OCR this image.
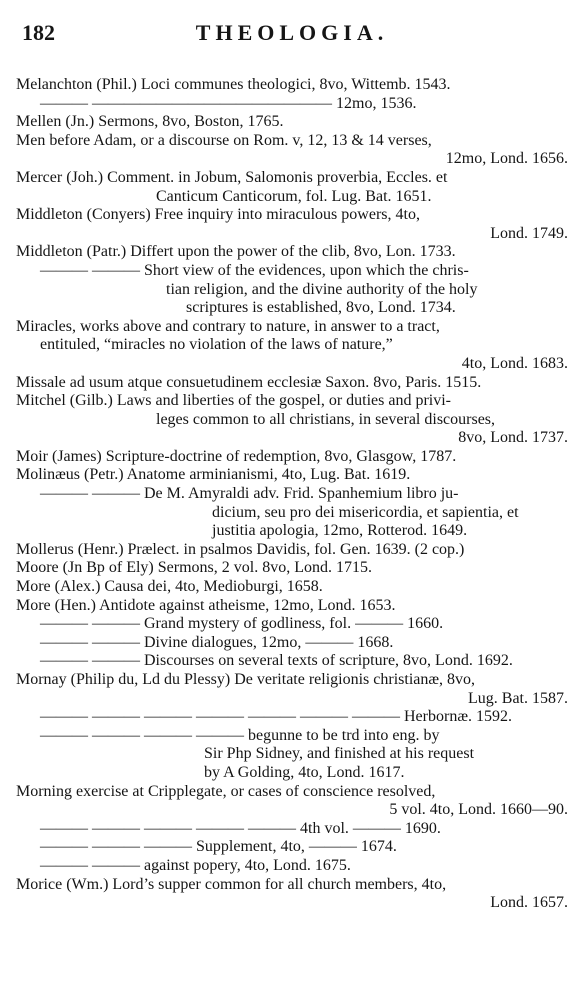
182	THEOLOGIA.
Melanchton (Phil.) Loci communes theologici, 8vo, Wittemb. 1543.
——— ——————————————— 12mo, 1536.
Mellen (Jn.) Sermons, 8vo, Boston, 1765.
Men before Adam, or a discourse on Rom. v, 12, 13 & 14 verses,
12mo, Lond. 1656.
Mercer (Joh.) Comment. in Jobum, Salomonis proverbia, Eccles. et
Canticum Canticorum, fol. Lug. Bat. 1651.
Middleton (Conyers) Free inquiry into miraculous powers, 4to,
Lond. 1749.
Middleton (Patr.) Differt upon the power of the clib, 8vo, Lon. 1733.
——— ——— Short view of the evidences, upon which the chris-
tian religion, and the divine authority of the holy
scriptures is established, 8vo, Lond. 1734.
Miracles, works above and contrary to nature, in answer to a tract,
entituled, “miracles no violation of the laws of nature,”
4to, Lond. 1683.
Missale ad usum atque consuetudinem ecclesiæ Saxon. 8vo, Paris. 1515.
Mitchel (Gilb.) Laws and liberties of the gospel, or duties and privi-
leges common to all christians, in several discourses,
8vo, Lond. 1737.
Moir (James) Scripture-doctrine of redemption, 8vo, Glasgow, 1787.
Molinæus (Petr.) Anatome arminianismi, 4to, Lug. Bat. 1619.
——— ——— De M. Amyraldi adv. Frid. Spanhemium libro ju-
dicium, seu pro dei misericordia, et sapientia, et
justitia apologia, 12mo, Rotterod. 1649.
Mollerus (Henr.) Prælect. in psalmos Davidis, fol. Gen. 1639. (2 cop.)
Moore (Jn Bp of Ely) Sermons, 2 vol. 8vo, Lond. 1715.
More (Alex.) Causa dei, 4to, Medioburgi, 1658.
More (Hen.) Antidote against atheisme, 12mo, Lond. 1653.
——— ——— Grand mystery of godliness, fol. ——— 1660.
——— ——— Divine dialogues, 12mo, ——— 1668.
——— ——— Discourses on several texts of scripture, 8vo, Lond. 1692.
Mornay (Philip du, Ld du Plessy) De veritate religionis christianæ, 8vo,
Lug. Bat. 1587.
——— ——— ——— ——— ——— ——— ——— Herbornæ. 1592.
——— ——— ——— ——— begunne to be trd into eng. by
Sir Php Sidney, and finished at his request
by A Golding, 4to, Lond. 1617.
Morning exercise at Cripplegate, or cases of conscience resolved,
5 vol. 4to, Lond. 1660—90.
——— ——— ——— ——— ——— 4th vol. ——— 1690.
——— ——— ——— Supplement, 4to, ——— 1674.
——— ——— against popery, 4to, Lond. 1675.
Morice (Wm.) Lord’s supper common for all church members, 4to,
Lond. 1657.
